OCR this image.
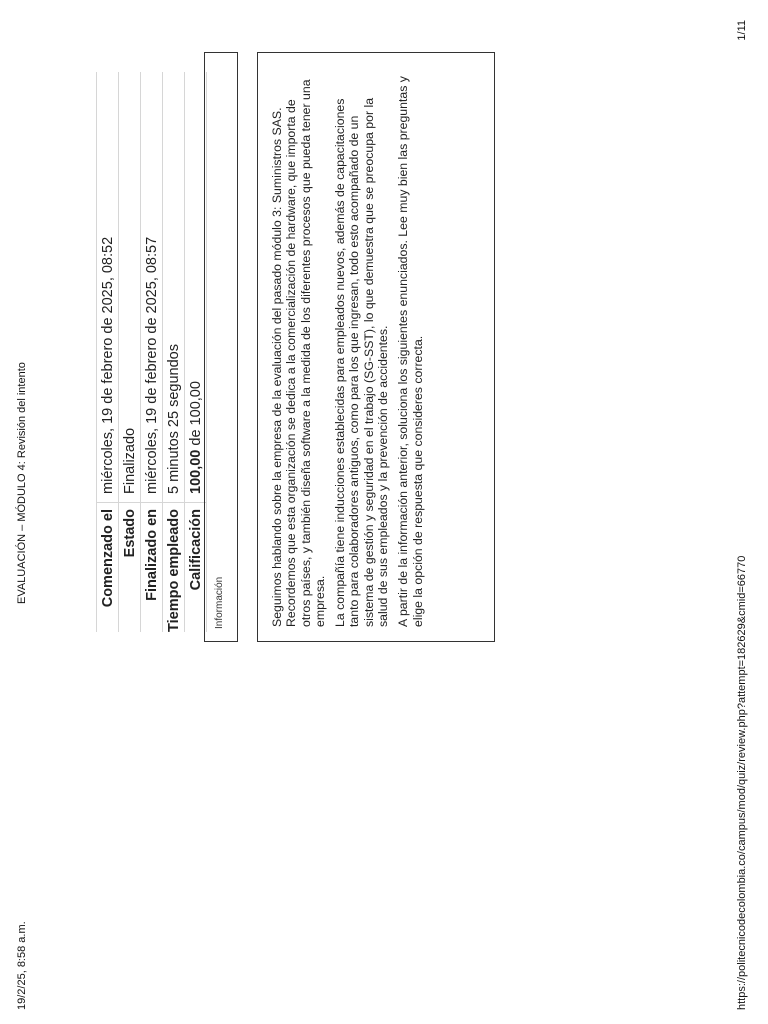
19/2/25, 8:58 a.m.
EVALUACIÓN – MÓDULO 4: Revisión del intento	Comenzado el	miércoles, 19 de febrero de 2025, 08:52
Estado	Finalizado
Finalizado en	miércoles, 19 de febrero de 2025, 08:57
Tiempo empleado	5 minutos 25 segundos
Calificación	100,00 de 100,00
Información	Seguimos hablando sobre la empresa de la evaluación del pasado módulo 3: Suministros SAS. Recordemos que esta organización se dedica a la comercialización de hardware, que importa de otros países, y también diseña software a la medida de los diferentes procesos que pueda tener una empresa. La compañía tiene inducciones establecidas para empleados nuevos, además de capacitaciones tanto para colaboradores antiguos, como para los que ingresan, todo esto acompañado de un sistema de gestión y seguridad en el trabajo (SG-SST), lo que demuestra que se preocupa por la salud de sus empleados y la prevención de accidentes. A partir de la información anterior, soluciona los siguientes enunciados. Lee muy bien las preguntas y elige la opción de respuesta que consideres correcta.

https://politecnicodecolombia.co/campus/mod/quiz/review.php?attempt=182629&cmid=66770
1/11
